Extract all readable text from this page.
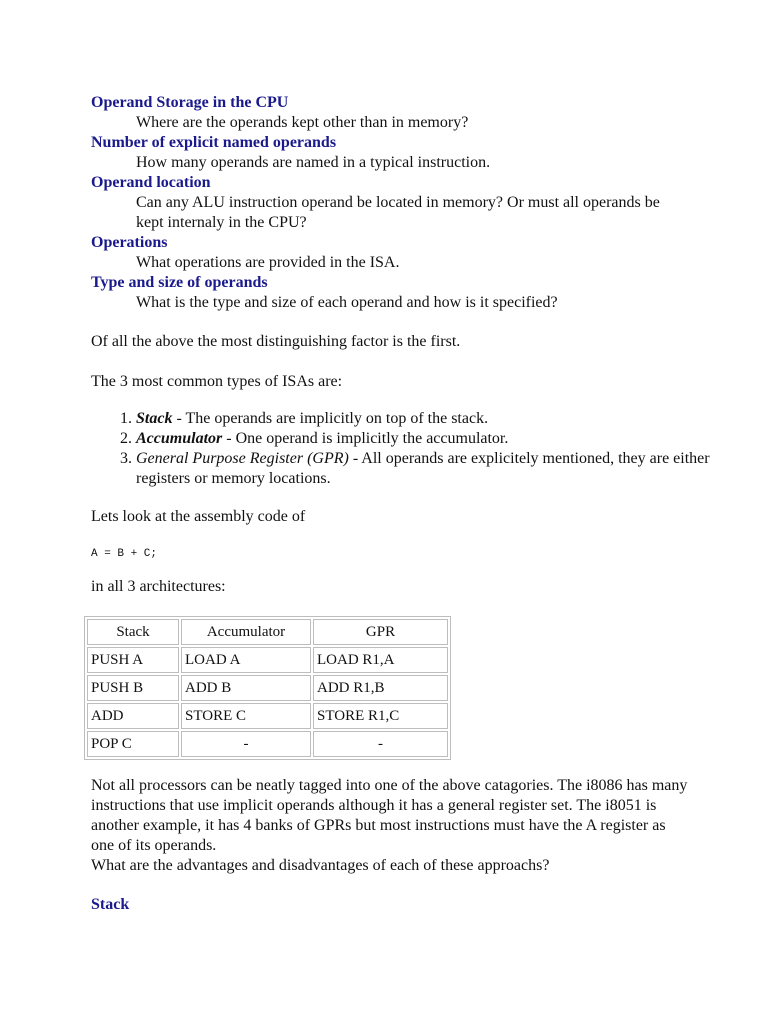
Operand Storage in the CPU
Where are the operands kept other than in memory?
Number of explicit named operands
How many operands are named in a typical instruction.
Operand location
Can any ALU instruction operand be located in memory? Or must all operands be kept internaly in the CPU?
Operations
What operations are provided in the ISA.
Type and size of operands
What is the type and size of each operand and how is it specified?

Of all the above the most distinguishing factor is the first.

The 3 most common types of ISAs are:

1. Stack - The operands are implicitly on top of the stack.
2. Accumulator - One operand is implicitly the accumulator.
3. General Purpose Register (GPR) - All operands are explicitely mentioned, they are either registers or memory locations.

Lets look at the assembly code of

A = B + C;

in all 3 architectures:

Stack	Accumulator	GPR
PUSH A	LOAD A	LOAD R1,A
PUSH B	ADD B	ADD R1,B
ADD	STORE C	STORE R1,C
POP C	-	-

Not all processors can be neatly tagged into one of the above catagories. The i8086 has many instructions that use implicit operands although it has a general register set. The i8051 is another example, it has 4 banks of GPRs but most instructions must have the A register as one of its operands.

What are the advantages and disadvantages of each of these approachs?

Stack
